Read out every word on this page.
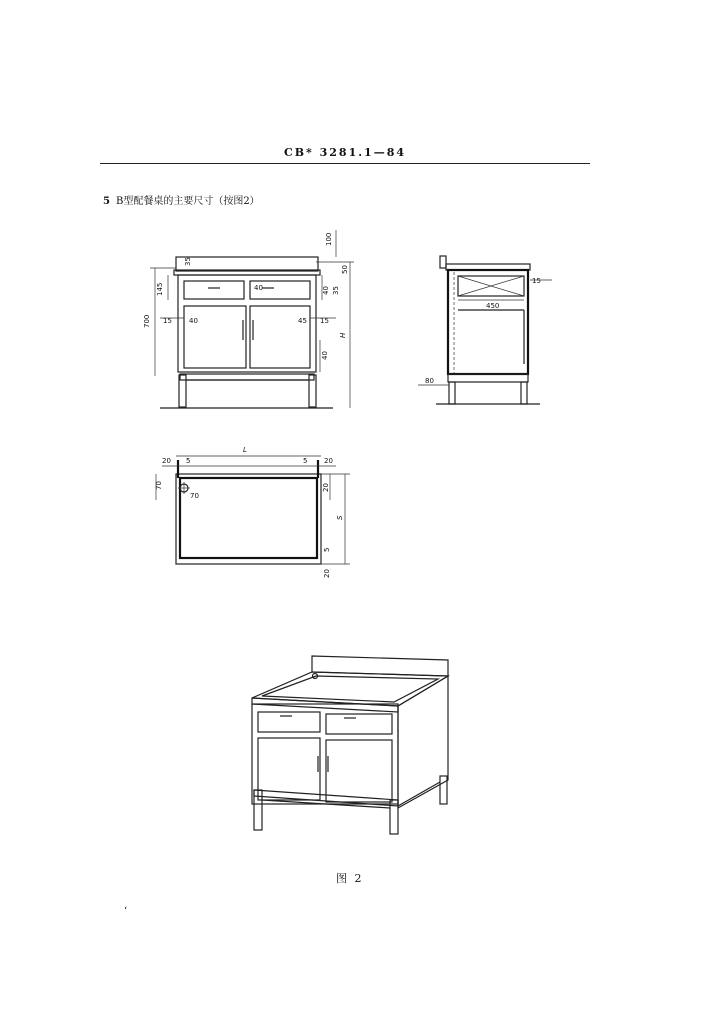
CB* 3281.1—84
5 B型配餐桌的主要尺寸（按图2）
100
35
50
145	40	40 35
700 15 40	45 15
H
40
15
450
80
L
20 5	5 20
70
70
20
S
5
20
图 2
‘
